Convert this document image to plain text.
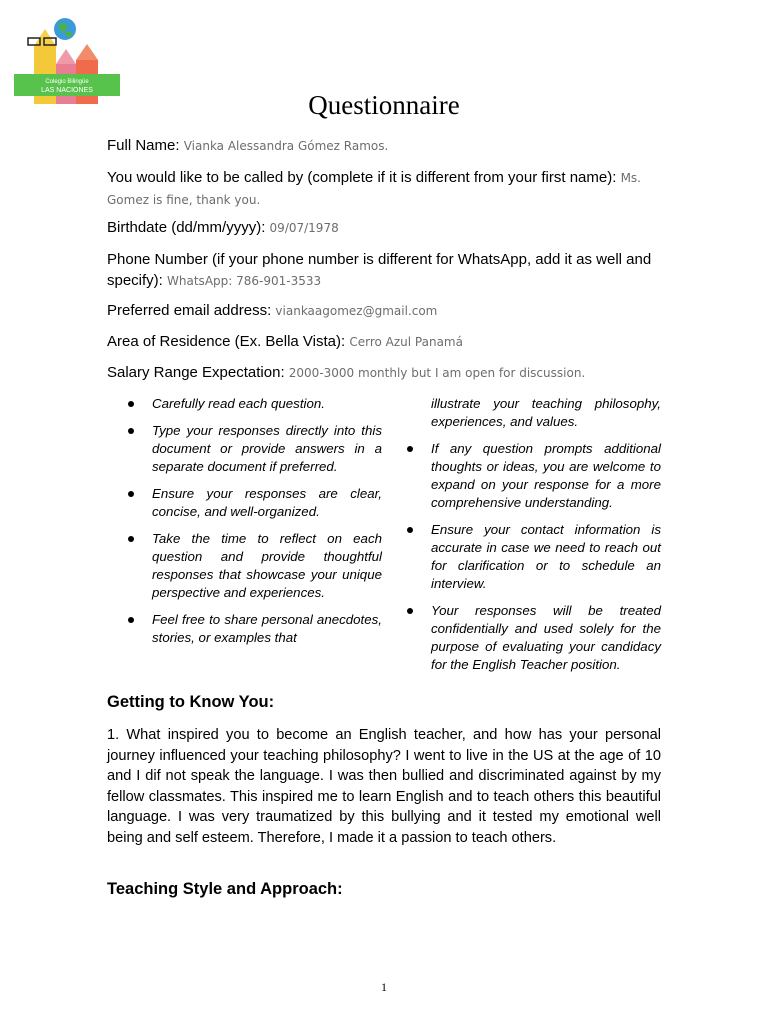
Colegio Bilingüe
LAS NACIONES	Questionnaire
Full Name: Vianka Alessandra Gómez Ramos.
You would like to be called by (complete if it is different from your first name): Ms. Gomez is fine, thank you.
Birthdate (dd/mm/yyyy): 09/07/1978
Phone Number (if your phone number is different for WhatsApp, add it as well and specify): WhatsApp: 786-901-3533
Preferred email address: viankaagomez@gmail.com
Area of Residence (Ex. Bella Vista): Cerro Azul Panamá
Salary Range Expectation: 2000-3000 monthly but I am open for discussion.
Carefully read each question.
Type your responses directly into this document or provide answers in a separate document if preferred.
Ensure your responses are clear, concise, and well-organized.
Take the time to reflect on each question and provide thoughtful responses that showcase your unique perspective and experiences.
Feel free to share personal anecdotes, stories, or examples that
illustrate your teaching philosophy, experiences, and values.
If any question prompts additional thoughts or ideas, you are welcome to expand on your response for a more comprehensive understanding.
Ensure your contact information is accurate in case we need to reach out for clarification or to schedule an interview.
Your responses will be treated confidentially and used solely for the purpose of evaluating your candidacy for the English Teacher position.
Getting to Know You:
1. What inspired you to become an English teacher, and how has your personal journey influenced your teaching philosophy? I went to live in the US at the age of 10 and I dif not speak the language. I was then bullied and discriminated against by my fellow classmates. This inspired me to learn English and to teach others this beautiful language. I was very traumatized by this bullying and it tested my emotional well being and self esteem. Therefore, I made it a passion to teach others.
Teaching Style and Approach:
1
